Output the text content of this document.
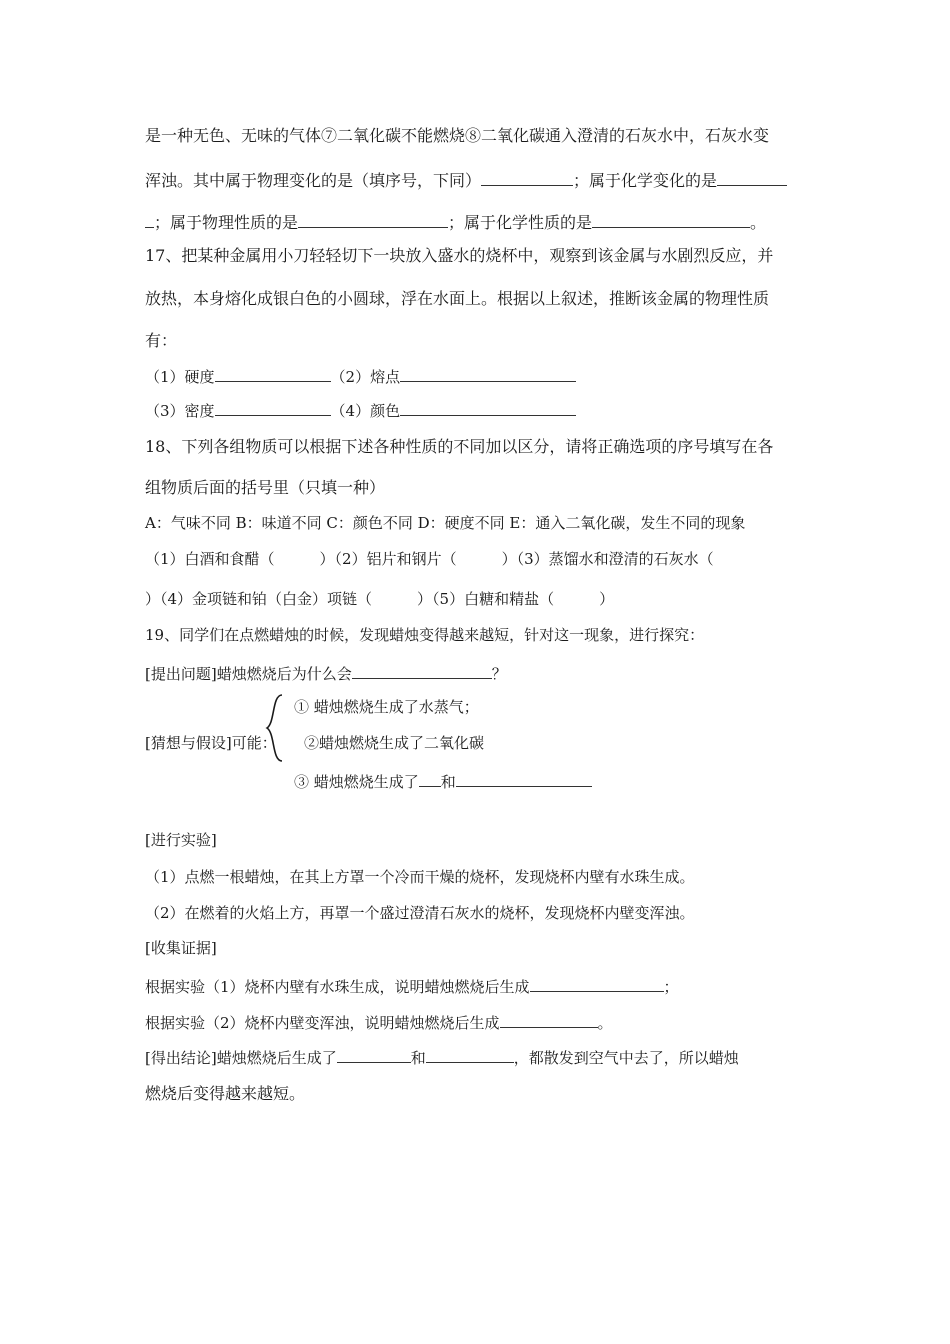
是一种无色、无味的气体⑦二氧化碳不能燃烧⑧二氧化碳通入澄清的石灰水中，石灰水变
浑浊。其中属于物理变化的是（填序号，下同）	；属于化学变化的是
；属于物理性质的是	；属于化学性质的是	。
17、把某种金属用小刀轻轻切下一块放入盛水的烧杯中，观察到该金属与水剧烈反应，并
放热，本身熔化成银白色的小圆球，浮在水面上。根据以上叙述，推断该金属的物理性质
有：
（1）硬度	（2）熔点
（3）密度	（4）颜色
18、下列各组物质可以根据下述各种性质的不同加以区分，请将正确选项的序号填写在各
组物质后面的括号里（只填一种）
A：气味不同 B：味道不同 C：颜色不同 D：硬度不同 E：通入二氧化碳，发生不同的现象
（1）白酒和食醋（　　　）（2）铝片和钢片（　　　）（3）蒸馏水和澄清的石灰水（
）（4）金项链和铂（白金）项链（　　　）（5）白糖和精盐（　　　）
19、同学们在点燃蜡烛的时候，发现蜡烛变得越来越短，针对这一现象，进行探究：
[提出问题]蜡烛燃烧后为什么会	？
① 蜡烛燃烧生成了水蒸气；
[猜想与假设]可能： ②蜡烛燃烧生成了二氧化碳
③ 蜡烛燃烧生成了 和
[进行实验]
（1）点燃一根蜡烛，在其上方罩一个冷而干燥的烧杯，发现烧杯内壁有水珠生成。
（2）在燃着的火焰上方，再罩一个盛过澄清石灰水的烧杯，发现烧杯内壁变浑浊。
[收集证据]
根据实验（1）烧杯内壁有水珠生成，说明蜡烛燃烧后生成	；
根据实验（2）烧杯内壁变浑浊，说明蜡烛燃烧后生成	。
[得出结论]蜡烛燃烧后生成了	和	，都散发到空气中去了，所以蜡烛
燃烧后变得越来越短。
